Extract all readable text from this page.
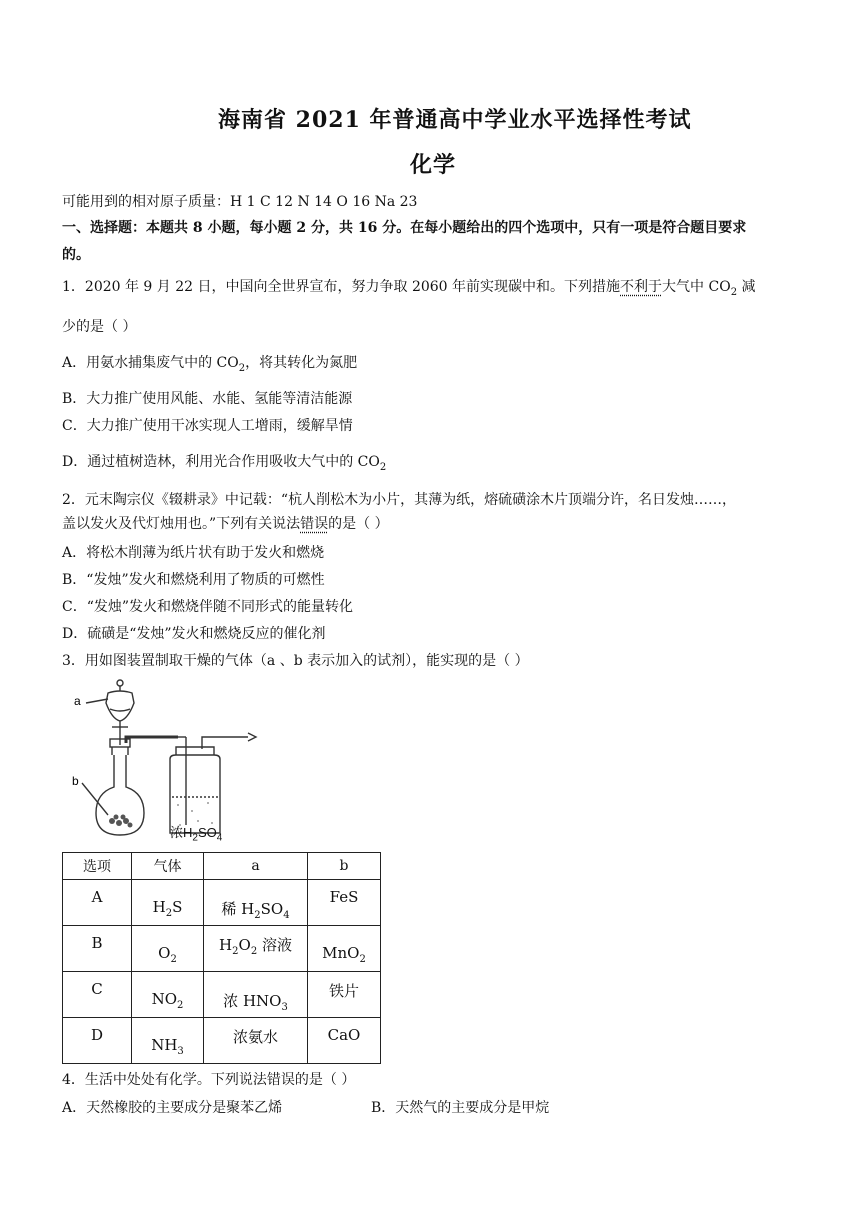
海南省 2021 年普通高中学业水平选择性考试
化学
可能用到的相对原子质量：H 1 C 12 N 14 O 16 Na 23
一、选择题：本题共 8 小题，每小题 2 分，共 16 分。在每小题给出的四个选项中，只有一项是符合题目要求
的。
1．2020 年 9 月 22 日，中国向全世界宣布，努力争取 2060 年前实现碳中和。下列措施不利于大气中 $CO_2$ 减
少的是（ ）
A．用氨水捕集废气中的 $CO_2$，将其转化为氮肥
B．大力推广使用风能、水能、氢能等清洁能源
C．大力推广使用干冰实现人工增雨，缓解旱情
D．通过植树造林，利用光合作用吸收大气中的 $CO_2$
2．元末陶宗仪《辍耕录》中记载：“杭人削松木为小片，其薄为纸，熔硫磺涂木片顶端分许，名日发烛……，
盖以发火及代灯烛用也。”下列有关说法错误的是（ ）
A．将松木削薄为纸片状有助于发火和燃烧
B．“发烛”发火和燃烧利用了物质的可燃性
C．“发烛”发火和燃烧伴随不同形式的能量转化
D．硫磺是“发烛”发火和燃烧反应的催化剂
3．用如图装置制取干燥的气体（a 、b 表示加入的试剂），能实现的是（ ）
a
b
浓$H_2SO_4$
选项	气体	a	b
A	$H_2S$	稀 $H_2SO_4$	FeS
B	$O_2$	$H_2O_2$ 溶液	MnO$_2$
C	$NO_2$	浓 $HNO_3$	铁片
D	$NH_3$	浓氨水	CaO
4．生活中处处有化学。下列说法错误的是（ ）
A．天然橡胶的主要成分是聚苯乙烯	B．天然气的主要成分是甲烷
